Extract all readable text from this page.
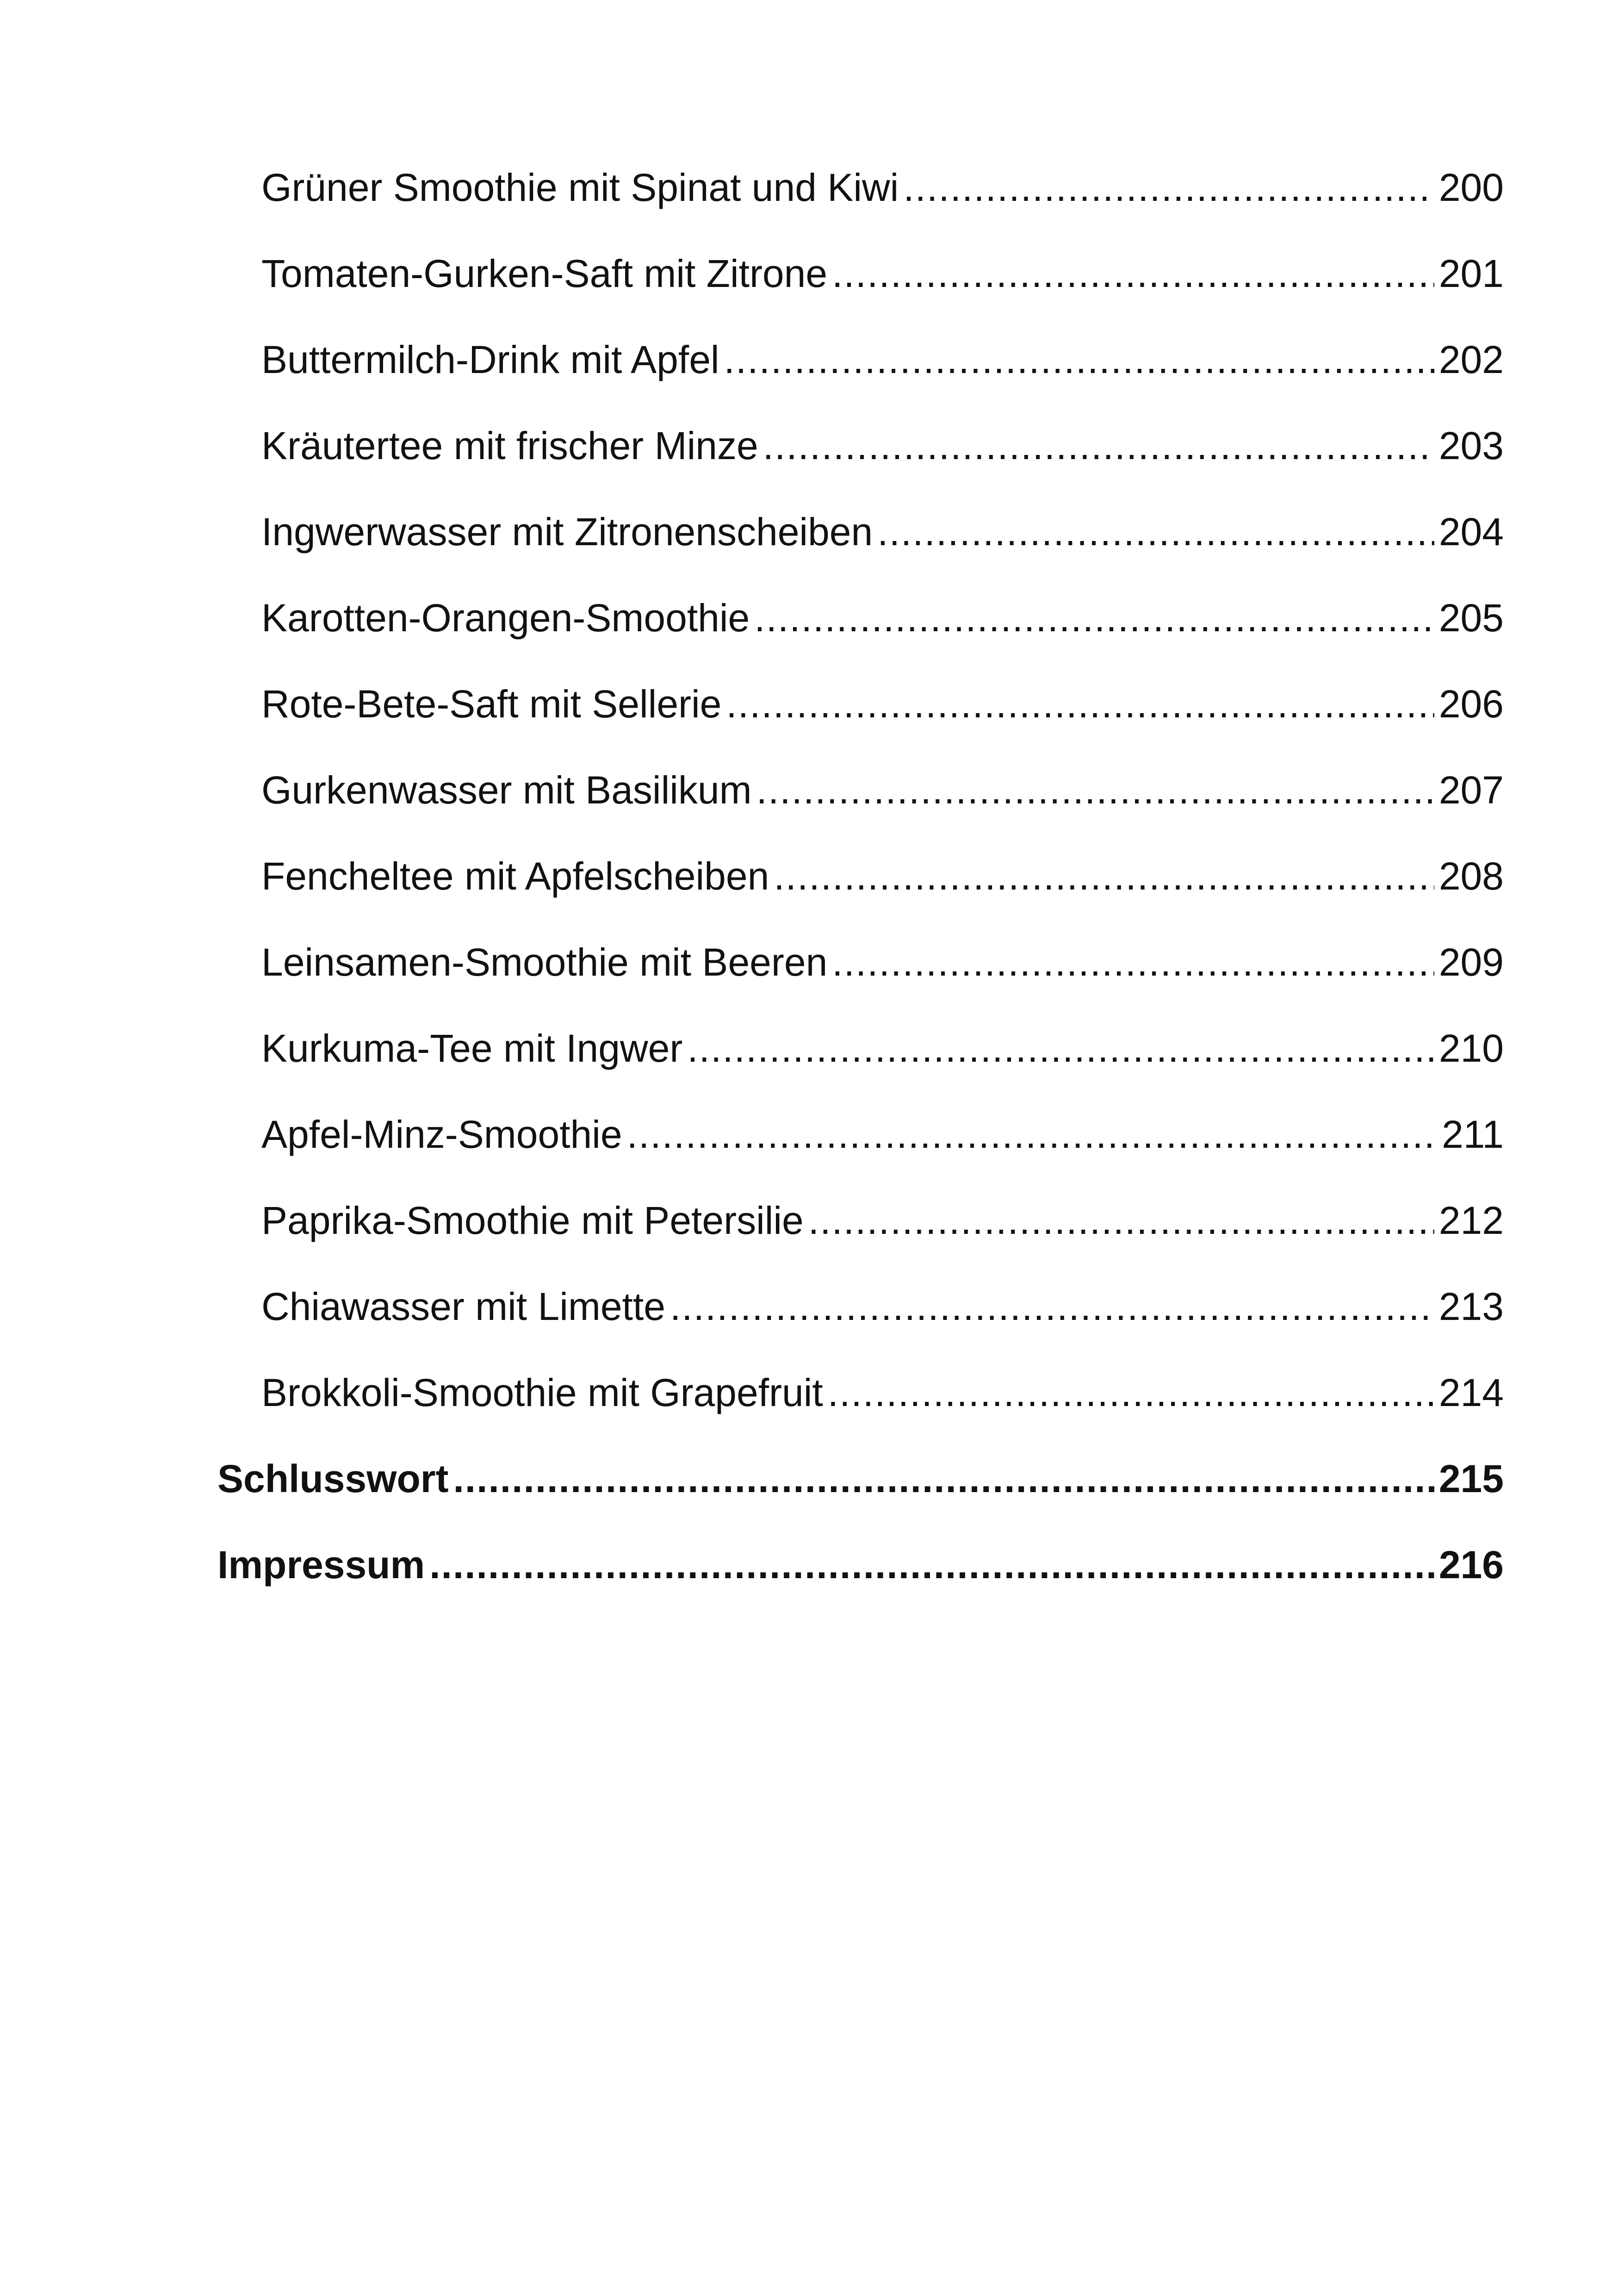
Grüner Smoothie mit Spinat und Kiwi .....	200
Tomaten-Gurken-Saft mit Zitrone .....	201
Buttermilch-Drink mit Apfel .....	202
Kräutertee mit frischer Minze .....	203
Ingwerwasser mit Zitronenscheiben .....	204
Karotten-Orangen-Smoothie .....	205
Rote-Bete-Saft mit Sellerie .....	206
Gurkenwasser mit Basilikum .....	207
Fencheltee mit Apfelscheiben .....	208
Leinsamen-Smoothie mit Beeren .....	209
Kurkuma-Tee mit Ingwer .....	210
Apfel-Minz-Smoothie .....	211
Paprika-Smoothie mit Petersilie .....	212
Chiawasser mit Limette .....	213
Brokkoli-Smoothie mit Grapefruit .....	214
Schlusswort .....	215
Impressum .....	216
